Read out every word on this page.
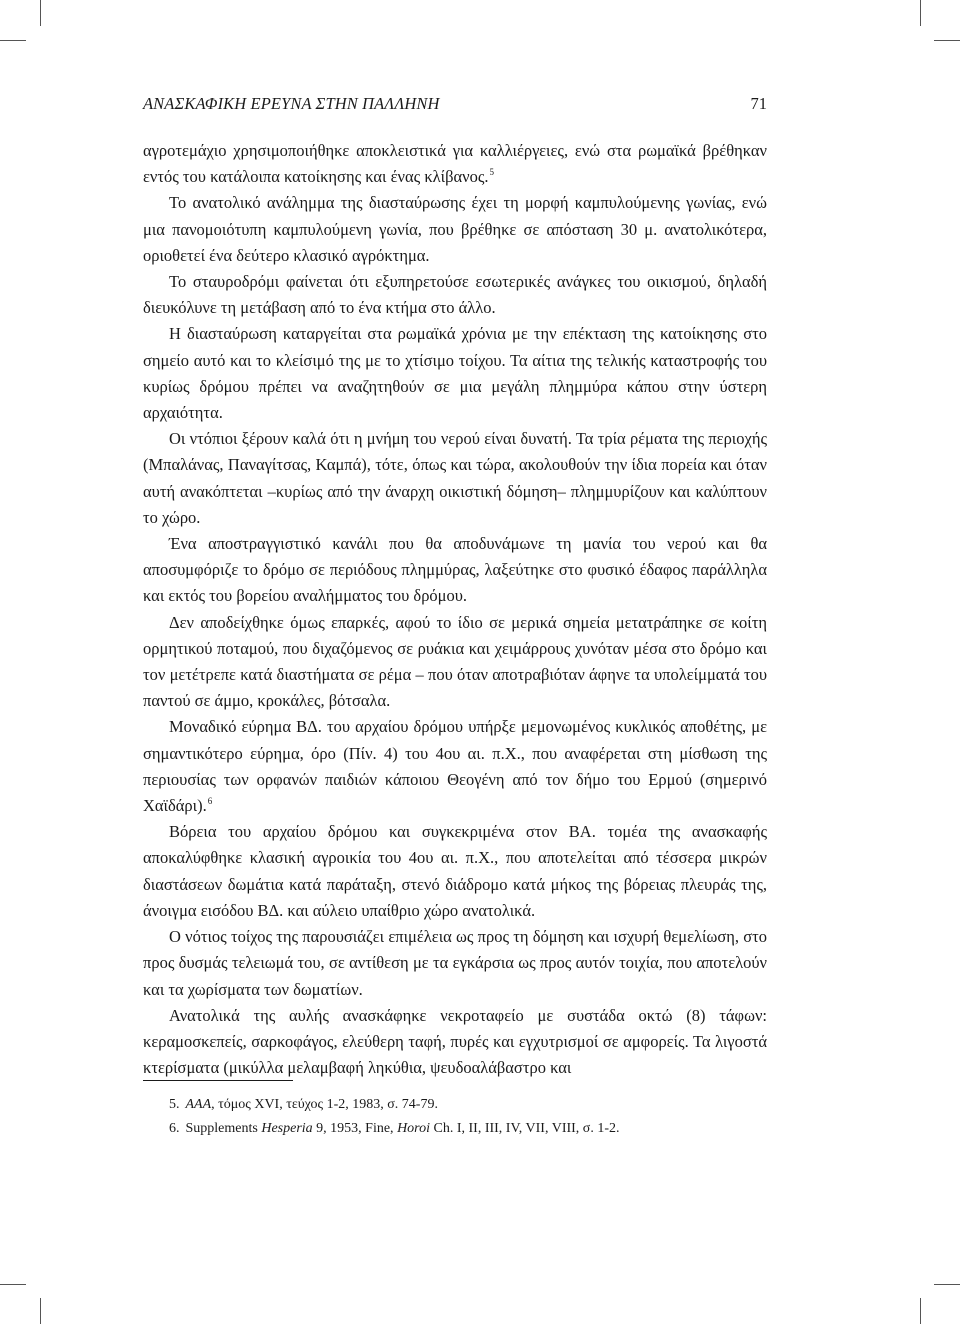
ΑΝΑΣΚΑΦΙΚΗ ΕΡΕΥΝΑ ΣΤΗΝ ΠΑΛΛΗΝΗ	71

αγροτεμάχιο χρησιμοποιήθηκε αποκλειστικά για καλλιέργειες, ενώ στα ρωμαϊκά βρέθηκαν εντός του κατάλοιπα κατοίκησης και ένας κλίβανος.$^5$

Το ανατολικό ανάλημμα της διασταύρωσης έχει τη μορφή καμπυλούμενης γωνίας, ενώ μια πανομοιότυπη καμπυλούμενη γωνία, που βρέθηκε σε απόσταση 30 μ. ανατολικότερα, οριοθετεί ένα δεύτερο κλασικό αγρόκτημα.

Το σταυροδρόμι φαίνεται ότι εξυπηρετούσε εσωτερικές ανάγκες του οικισμού, δηλαδή διευκόλυνε τη μετάβαση από το ένα κτήμα στο άλλο.

Η διασταύρωση καταργείται στα ρωμαϊκά χρόνια με την επέκταση της κατοίκησης στο σημείο αυτό και το κλείσιμό της με το χτίσιμο τοίχου. Τα αίτια της τελικής καταστροφής του κυρίως δρόμου πρέπει να αναζητηθούν σε μια μεγάλη πλημμύρα κάπου στην ύστερη αρχαιότητα.

Οι ντόπιοι ξέρουν καλά ότι η μνήμη του νερού είναι δυνατή. Τα τρία ρέματα της περιοχής (Μπαλάνας, Παναγίτσας, Καμπά), τότε, όπως και τώρα, ακολουθούν την ίδια πορεία και όταν αυτή ανακόπτεται –κυρίως από την άναρχη οικιστική δόμηση– πλημμυρίζουν και καλύπτουν το χώρο.

Ένα αποστραγγιστικό κανάλι που θα αποδυνάμωνε τη μανία του νερού και θα αποσυμφόριζε το δρόμο σε περιόδους πλημμύρας, λαξεύτηκε στο φυσικό έδαφος παράλληλα και εκτός του βορείου αναλήμματος του δρόμου.

Δεν αποδείχθηκε όμως επαρκές, αφού το ίδιο σε μερικά σημεία μετατράπηκε σε κοίτη ορμητικού ποταμού, που διχαζόμενος σε ρυάκια και χειμάρρους χυνόταν μέσα στο δρόμο και τον μετέτρεπε κατά διαστήματα σε ρέμα – που όταν αποτραβιόταν άφηνε τα υπολείμματά του παντού σε άμμο, κροκάλες, βότσαλα.

Μοναδικό εύρημα ΒΔ. του αρχαίου δρόμου υπήρξε μεμονωμένος κυκλικός αποθέτης, με σημαντικότερο εύρημα, όρο (Πίν. 4) του 4ου αι. π.Χ., που αναφέρεται στη μίσθωση της περιουσίας των ορφανών παιδιών κάποιου Θεογένη από τον δήμο του Ερμού (σημερινό Χαϊδάρι).$^6$

Βόρεια του αρχαίου δρόμου και συγκεκριμένα στον ΒΑ. τομέα της ανασκαφής αποκαλύφθηκε κλασική αγροικία του 4ου αι. π.Χ., που αποτελείται από τέσσερα μικρών διαστάσεων δωμάτια κατά παράταξη, στενό διάδρομο κατά μήκος της βόρειας πλευράς της, άνοιγμα εισόδου ΒΔ. και αύλειο υπαίθριο χώρο ανατολικά.

Ο νότιος τοίχος της παρουσιάζει επιμέλεια ως προς τη δόμηση και ισχυρή θεμελίωση, στο προς δυσμάς τελειωμά του, σε αντίθεση με τα εγκάρσια ως προς αυτόν τοιχία, που αποτελούν και τα χωρίσματα των δωματίων.

Ανατολικά της αυλής ανασκάφηκε νεκροταφείο με συστάδα οκτώ (8) τάφων: κεραμοσκεπείς, σαρκοφάγος, ελεύθερη ταφή, πυρές και εγχυτρισμοί σε αμφορείς. Τα λιγοστά κτερίσματα (μικύλλα μελαμβαφή ληκύθια, ψευδοαλάβαστρο και

5. ΑΑΑ, τόμος XVI, τεύχος 1-2, 1983, σ. 74-79.

6. Supplements Hesperia 9, 1953, Fine, Horoi Ch. I, II, III, IV, VII, VIII, σ. 1-2.
